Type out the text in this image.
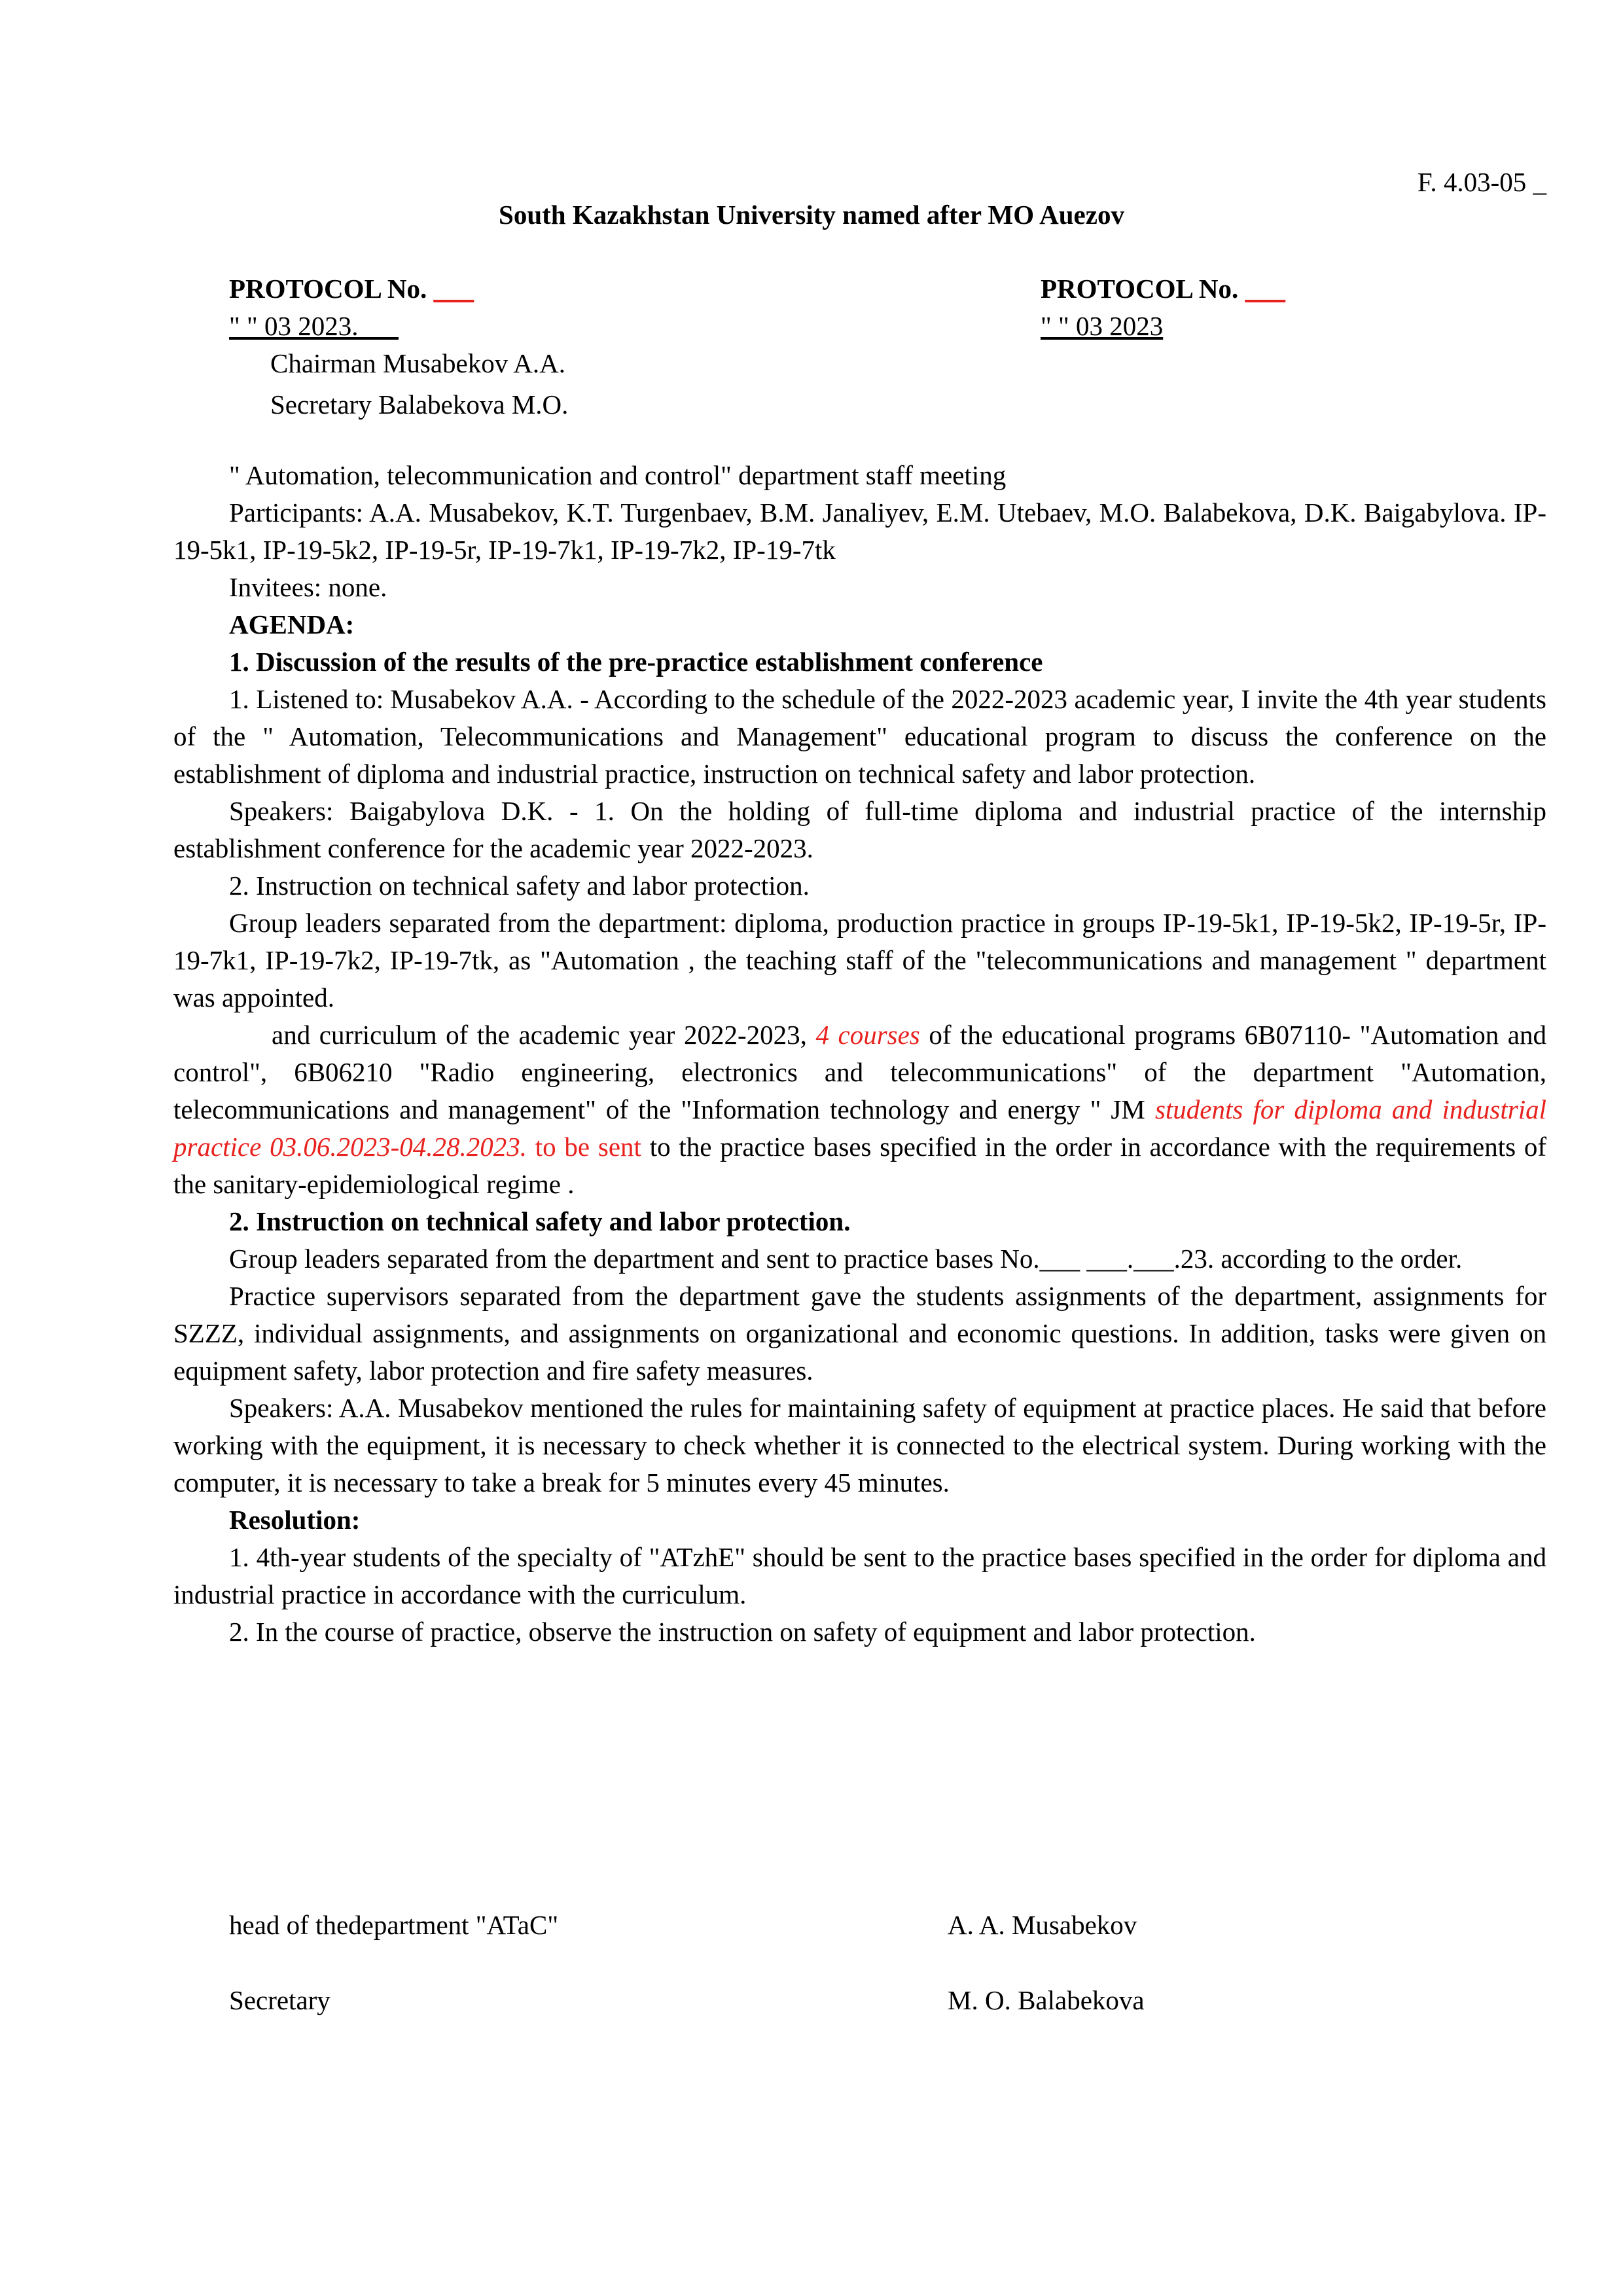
F. 4.03-05 _
South Kazakhstan University named after MO Auezov
PROTOCOL No. ___
" " 03 2023.
Chairman Musabekov A.A.
Secretary Balabekova M.O.
PROTOCOL No. ___
" " 03 2023

" Automation, telecommunication and control" department staff meeting

Participants: A.A. Musabekov, K.T. Turgenbaev, B.M. Janaliyev, E.M. Utebaev, M.O. Balabekova, D.K. Baigabylova. IP-19-5k1, IP-19-5k2, IP-19-5r, IP-19-7k1, IP-19-7k2, IP-19-7tk

Invitees: none.

AGENDA:

1. Discussion of the results of the pre-practice establishment conference

1. Listened to: Musabekov A.A. - According to the schedule of the 2022-2023 academic year, I invite the 4th year students of the " Automation, Telecommunications and Management" educational program to discuss the conference on the establishment of diploma and industrial practice, instruction on technical safety and labor protection.

Speakers: Baigabylova D.K. - 1. On the holding of full-time diploma and industrial practice of the internship establishment conference for the academic year 2022-2023.

2. Instruction on technical safety and labor protection.

Group leaders separated from the department: diploma, production practice in groups IP-19-5k1, IP-19-5k2, IP-19-5r, IP-19-7k1, IP-19-7k2, IP-19-7tk, as "Automation , the teaching staff of the "telecommunications and management " department was appointed.

and curriculum of the academic year 2022-2023, 4 courses of the educational programs 6B07110- "Automation and control", 6B06210 "Radio engineering, electronics and telecommunications" of the department "Automation, telecommunications and management" of the "Information technology and energy " JM students for diploma and industrial practice 03.06.2023-04.28.2023. to be sent to the practice bases specified in the order in accordance with the requirements of the sanitary-epidemiological regime .

2. Instruction on technical safety and labor protection.

Group leaders separated from the department and sent to practice bases No.___ ___.___.23. according to the order.

Practice supervisors separated from the department gave the students assignments of the department, assignments for SZZZ, individual assignments, and assignments on organizational and economic questions. In addition, tasks were given on equipment safety, labor protection and fire safety measures.

Speakers: A.A. Musabekov mentioned the rules for maintaining safety of equipment at practice places. He said that before working with the equipment, it is necessary to check whether it is connected to the electrical system. During working with the computer, it is necessary to take a break for 5 minutes every 45 minutes.

Resolution:

1. 4th-year students of the specialty of "ATzhE" should be sent to the practice bases specified in the order for diploma and industrial practice in accordance with the curriculum.

2. In the course of practice, observe the instruction on safety of equipment and labor protection.

head of thedepartment "ATaC"	A. A. Musabekov
Secretary	M. O. Balabekova
